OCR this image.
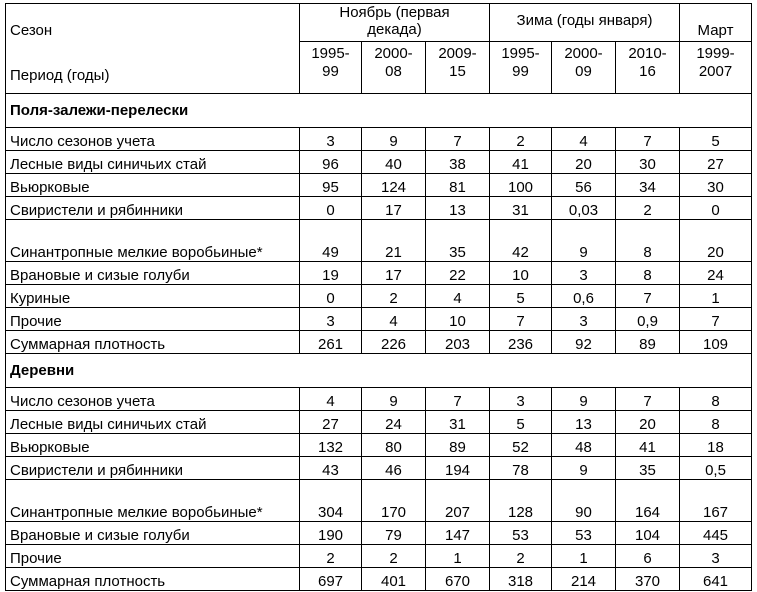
Сезон
Период (годы)	Ноябрь (первая декада)			Зима (годы января)			Март
	1995-99	2000-08	2009-15	1995-99	2000-09	2010-16	1999-2007
Поля-залежи-перелески							
Число сезонов учета	3	9	7	2	4	7	5
Лесные виды синичьих стай	96	40	38	41	20	30	27
Вьюрковые	95	124	81	100	56	34	30
Свиристели и рябинники	0	17	13	31	0,03	2	0
Синантропные мелкие воробьиные*	49	21	35	42	9	8	20
Врановые и сизые голуби	19	17	22	10	3	8	24
Куриные	0	2	4	5	0,6	7	1
Прочие	3	4	10	7	3	0,9	7
Суммарная плотность	261	226	203	236	92	89	109
Деревни							
Число сезонов учета	4	9	7	3	9	7	8
Лесные виды синичьих стай	27	24	31	5	13	20	8
Вьюрковые	132	80	89	52	48	41	18
Свиристели и рябинники	43	46	194	78	9	35	0,5
Синантропные мелкие воробьиные*	304	170	207	128	90	164	167
Врановые и сизые голуби	190	79	147	53	53	104	445
Прочие	2	2	1	2	1	6	3
Суммарная плотность	697	401	670	318	214	370	641
